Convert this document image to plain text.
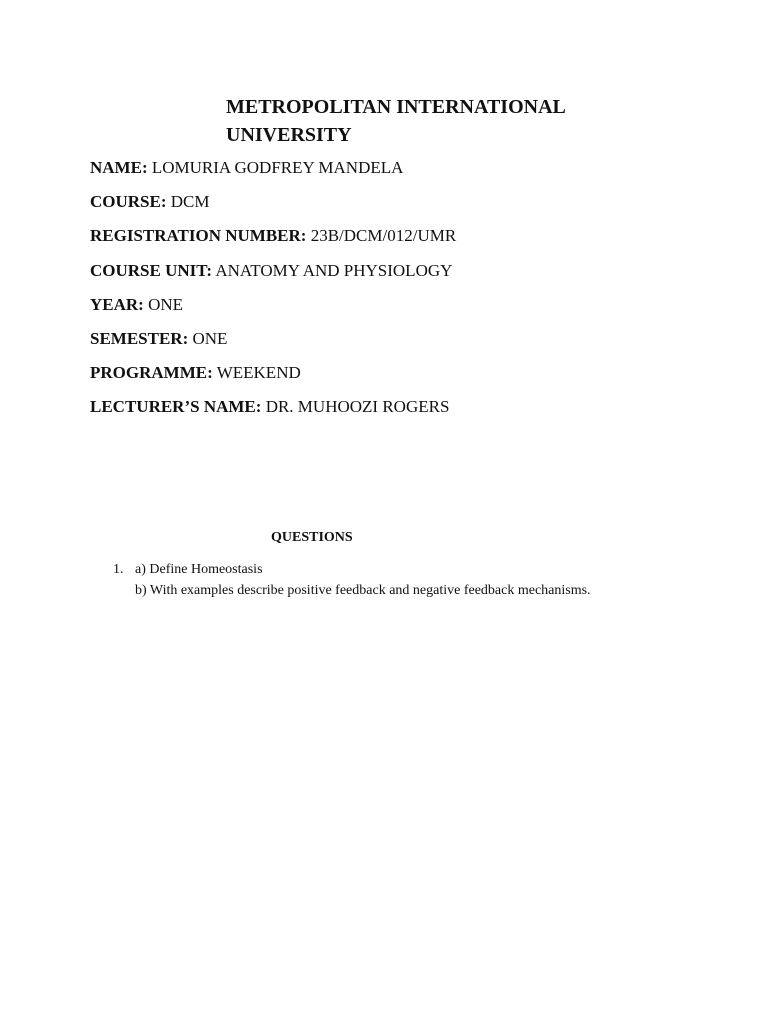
METROPOLITAN INTERNATIONAL UNIVERSITY
NAME: LOMURIA GODFREY MANDELA
COURSE: DCM
REGISTRATION NUMBER: 23B/DCM/012/UMR
COURSE UNIT: ANATOMY AND PHYSIOLOGY
YEAR: ONE
SEMESTER: ONE
PROGRAMME: WEEKEND
LECTURER’S NAME: DR. MUHOOZI ROGERS
QUESTIONS
1. a) Define Homeostasis
b) With examples describe positive feedback and negative feedback mechanisms.
